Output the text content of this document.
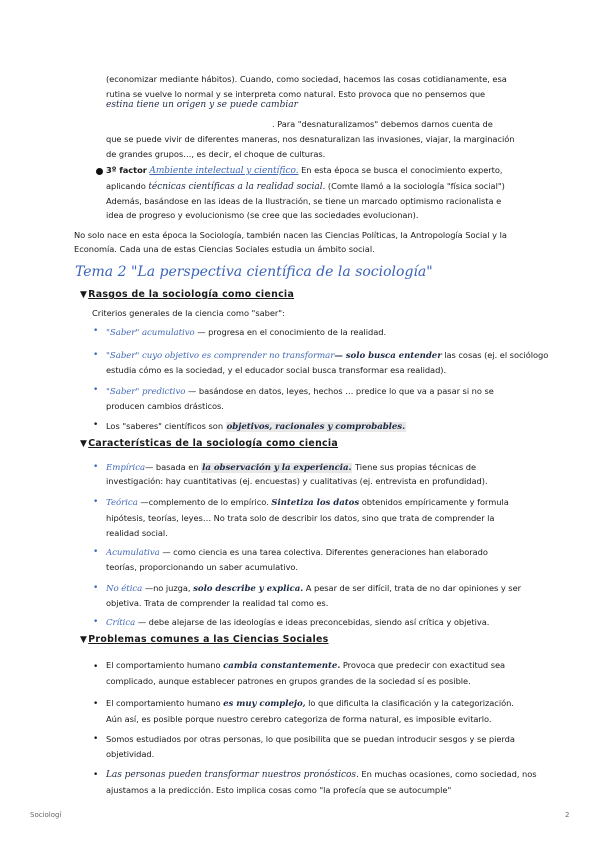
(economizar mediante hábitos). Cuando, como sociedad, hacemos las cosas cotidianamente, esa

rutina se vuelve lo normal y se interpreta como natural. Esto provoca que no pensemos que

estina tiene un origen y se puede cambiar

. Para "desnaturalizamos" debemos darnos cuenta de

que se puede vivir de diferentes maneras, nos desnaturalizan las invasiones, viajar, la marginación

de grandes grupos…, es decir, el choque de culturas.

3º factor Ambiente intelectual y científico. En esta época se busca el conocimiento experto,

aplicando técnicas científicas a la realidad social. (Comte llamó a la sociología "física social")

Además, basándose en las ideas de la Ilustración, se tiene un marcado optimismo racionalista e

idea de progreso y evolucionismo (se cree que las sociedades evolucionan).

No solo nace en esta época la Sociología, también nacen las Ciencias Políticas, la Antropología Social y la

Economía. Cada una de estas Ciencias Sociales estudia un ámbito social.

Tema 2 "La perspectiva científica de la sociología"
▼Rasgos de la sociología como ciencia

Criterios generales de la ciencia como "saber":

• "Saber" acumulativo — progresa en el conocimiento de la realidad.

• "Saber" cuyo objetivo es comprender no transformar— solo busca entender las cosas (ej. el sociólogo

estudia cómo es la sociedad, y el educador social busca transformar esa realidad).

• "Saber" predictivo — basándose en datos, leyes, hechos … predice lo que va a pasar si no se

producen cambios drásticos.

• Los "saberes" científicos son objetivos, racionales y comprobables.

▼Características de la sociología como ciencia
• Empírica— basada en la observación y la experiencia. Tiene sus propias técnicas de

investigación: hay cuantitativas (ej. encuestas) y cualitativas (ej. entrevista en profundidad).

• Teórica —complemento de lo empírico. Sintetiza los datos obtenidos empíricamente y formula

hipótesis, teorías, leyes… No trata solo de describir los datos, sino que trata de comprender la

realidad social.

• Acumulativa — como ciencia es una tarea colectiva. Diferentes generaciones han elaborado

teorías, proporcionando un saber acumulativo.

• No ética —no juzga, solo describe y explica. A pesar de ser difícil, trata de no dar opiniones y ser

objetiva. Trata de comprender la realidad tal como es.

• Crítica — debe alejarse de las ideologías e ideas preconcebidas, siendo así crítica y objetiva.

▼Problemas comunes a las Ciencias Sociales
• El comportamiento humano cambia constantemente. Provoca que predecir con exactitud sea

complicado, aunque establecer patrones en grupos grandes de la sociedad sí es posible.

• El comportamiento humano es muy complejo, lo que dificulta la clasificación y la categorización.

Aún así, es posible porque nuestro cerebro categoriza de forma natural, es imposible evitarlo.

• Somos estudiados por otras personas, lo que posibilita que se puedan introducir sesgos y se pierda

objetividad.

• Las personas pueden transformar nuestros pronósticos. En muchas ocasiones, como sociedad, nos

ajustamos a la predicción. Esto implica cosas como "la profecía que se autocumple"

Sociologí	2
